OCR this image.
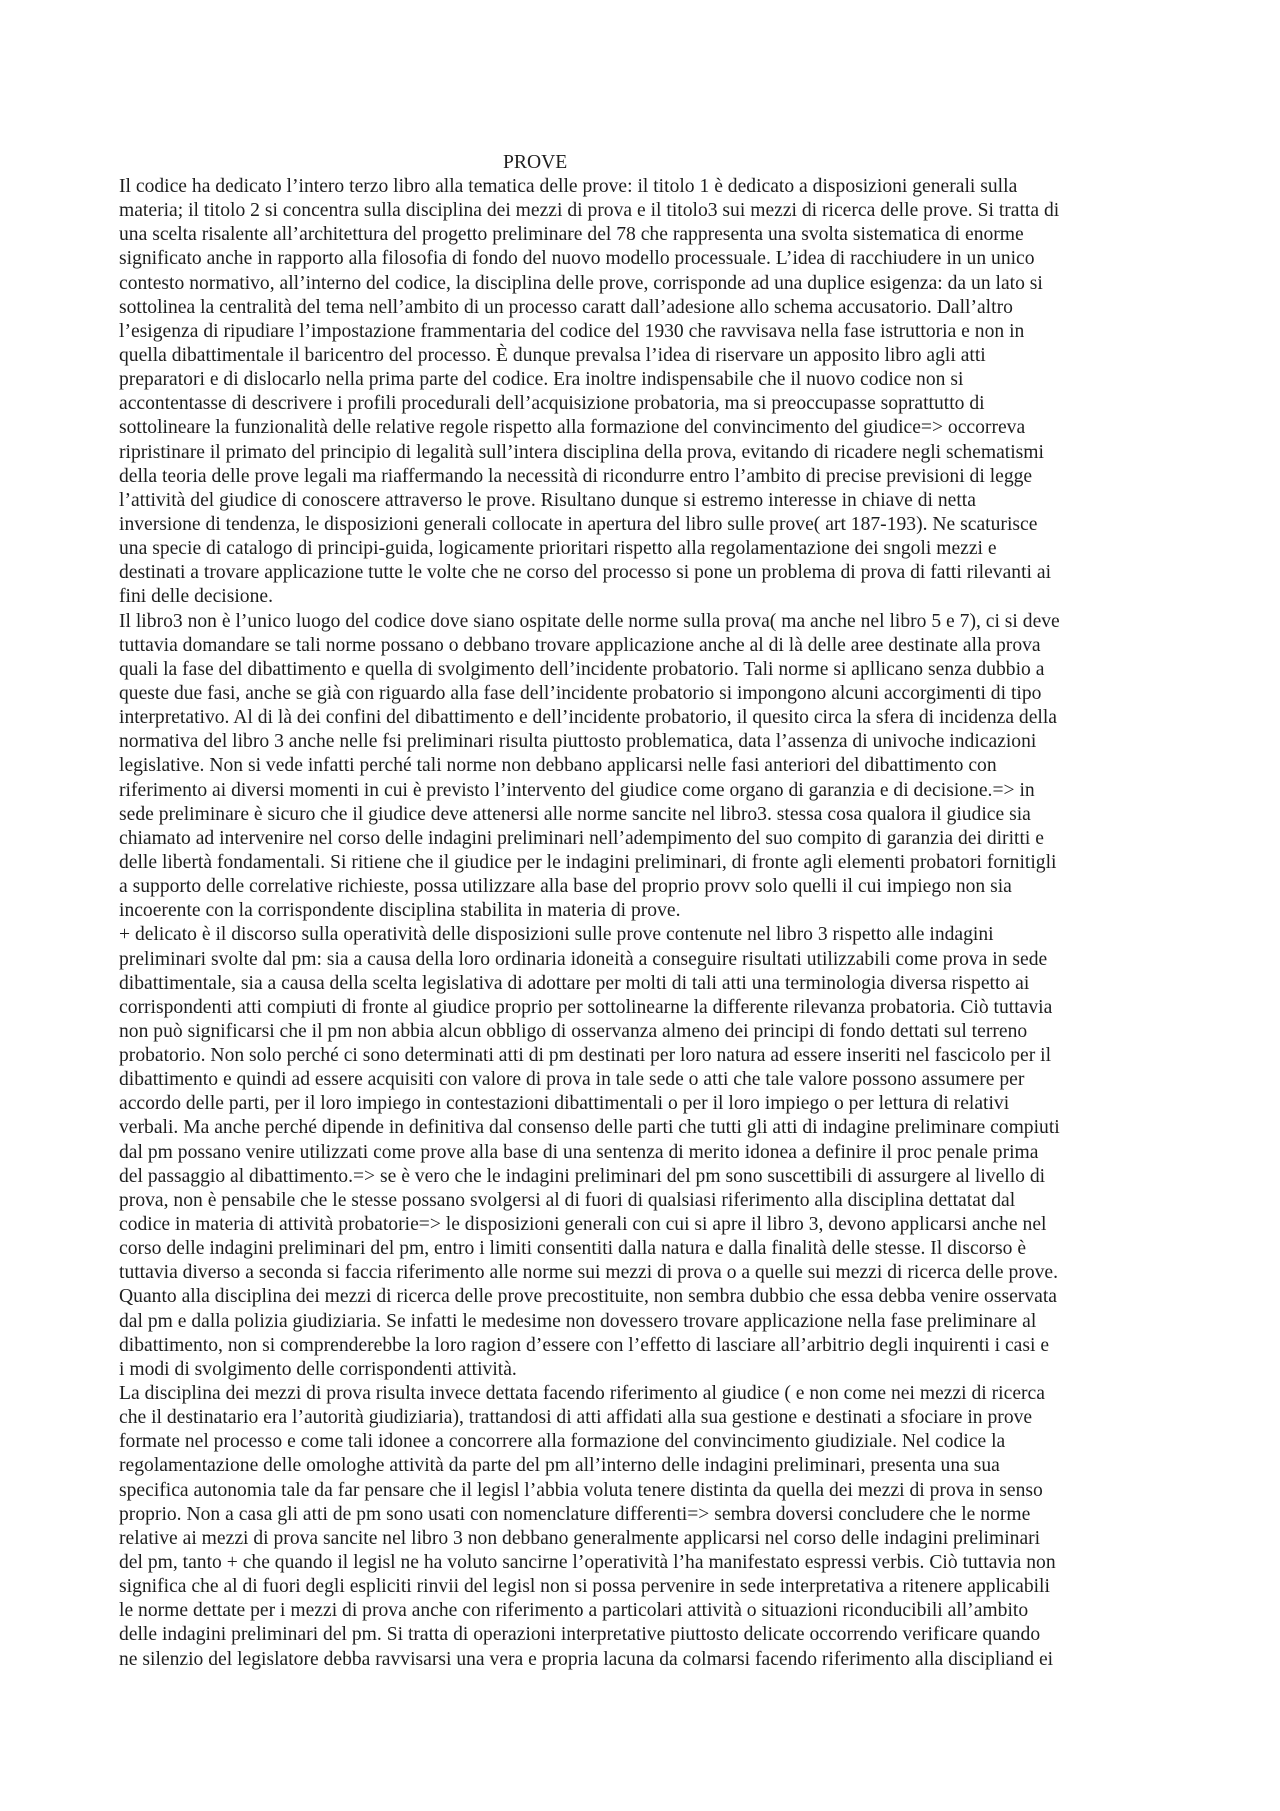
PROVE
Il codice ha dedicato l’intero terzo libro alla tematica delle prove: il titolo 1 è dedicato a disposizioni generali sulla
materia; il titolo 2 si concentra sulla disciplina dei mezzi di prova e il titolo3 sui mezzi di ricerca delle prove. Si tratta di
una scelta risalente all’architettura del progetto preliminare del 78 che rappresenta una svolta sistematica di enorme
significato anche in rapporto alla filosofia di fondo del nuovo modello processuale. L’idea di racchiudere in un unico
contesto normativo, all’interno del codice, la disciplina delle prove, corrisponde ad una duplice esigenza: da un lato si
sottolinea la centralità del tema nell’ambito di un processo caratt dall’adesione allo schema accusatorio. Dall’altro
l’esigenza di ripudiare l’impostazione frammentaria del codice del 1930 che ravvisava nella fase istruttoria e non in
quella dibattimentale il baricentro del processo. È dunque prevalsa l’idea di riservare un apposito libro agli atti
preparatori e di dislocarlo nella prima parte del codice. Era inoltre indispensabile che il nuovo codice non si
accontentasse di descrivere i profili procedurali dell’acquisizione probatoria, ma si preoccupasse soprattutto di
sottolineare la funzionalità delle relative regole rispetto alla formazione del convincimento del giudice=> occorreva
ripristinare il primato del principio di legalità sull’intera disciplina della prova, evitando di ricadere negli schematismi
della teoria delle prove legali ma riaffermando la necessità di ricondurre entro l’ambito di precise previsioni di legge
l’attività del giudice di conoscere attraverso le prove. Risultano dunque si estremo interesse in chiave di netta
inversione di tendenza, le disposizioni generali collocate in apertura del libro sulle prove( art 187-193). Ne scaturisce
una specie di catalogo di principi-guida, logicamente prioritari rispetto alla regolamentazione dei sngoli mezzi e
destinati a trovare applicazione tutte le volte che ne corso del processo si pone un problema di prova di fatti rilevanti ai
fini delle decisione.
Il libro3 non è l’unico luogo del codice dove siano ospitate delle norme sulla prova( ma anche nel libro 5 e 7), ci si deve
tuttavia domandare se tali norme possano o debbano trovare applicazione anche al di là delle aree destinate alla prova
quali la fase del dibattimento e quella di svolgimento dell’incidente probatorio. Tali norme si apllicano senza dubbio a
queste due fasi, anche se già con riguardo alla fase dell’incidente probatorio si impongono alcuni accorgimenti di tipo
interpretativo. Al di là dei confini del dibattimento e dell’incidente probatorio, il quesito circa la sfera di incidenza della
normativa del libro 3 anche nelle fsi preliminari risulta piuttosto problematica, data l’assenza di univoche indicazioni
legislative. Non si vede infatti perché tali norme non debbano applicarsi nelle fasi anteriori del dibattimento con
riferimento ai diversi momenti in cui è previsto l’intervento del giudice come organo di garanzia e di decisione.=> in
sede preliminare è sicuro che il giudice deve attenersi alle norme sancite nel libro3. stessa cosa qualora il giudice sia
chiamato ad intervenire nel corso delle indagini preliminari nell’adempimento del suo compito di garanzia dei diritti e
delle libertà fondamentali. Si ritiene che il giudice per le indagini preliminari, di fronte agli elementi probatori fornitigli
a supporto delle correlative richieste, possa utilizzare alla base del proprio provv solo quelli il cui impiego non sia
incoerente con la corrispondente disciplina stabilita in materia di prove.
+ delicato è il discorso sulla operatività delle disposizioni sulle prove contenute nel libro 3 rispetto alle indagini
preliminari svolte dal pm: sia a causa della loro ordinaria idoneità a conseguire risultati utilizzabili come prova in sede
dibattimentale, sia a causa della scelta legislativa di adottare per molti di tali atti una terminologia diversa rispetto ai
corrispondenti atti compiuti di fronte al giudice proprio per sottolinearne la differente rilevanza probatoria. Ciò tuttavia
non può significarsi che il pm non abbia alcun obbligo di osservanza almeno dei principi di fondo dettati sul terreno
probatorio. Non solo perché ci sono determinati atti di pm destinati per loro natura ad essere inseriti nel fascicolo per il
dibattimento e quindi ad essere acquisiti con valore di prova in tale sede o atti che tale valore possono assumere per
accordo delle parti, per il loro impiego in contestazioni dibattimentali o per il loro impiego o per lettura di relativi
verbali. Ma anche perché dipende in definitiva dal consenso delle parti che tutti gli atti di indagine preliminare compiuti
dal pm possano venire utilizzati come prove alla base di una sentenza di merito idonea a definire il proc penale prima
del passaggio al dibattimento.=> se è vero che le indagini preliminari del pm sono suscettibili di assurgere al livello di
prova, non è pensabile che le stesse possano svolgersi al di fuori di qualsiasi riferimento alla disciplina dettatat dal
codice in materia di attività probatorie=> le disposizioni generali con cui si apre il libro 3, devono applicarsi anche nel
corso delle indagini preliminari del pm, entro i limiti consentiti dalla natura e dalla finalità delle stesse. Il discorso è
tuttavia diverso a seconda si faccia riferimento alle norme sui mezzi di prova o a quelle sui mezzi di ricerca delle prove.
Quanto alla disciplina dei mezzi di ricerca delle prove precostituite, non sembra dubbio che essa debba venire osservata
dal pm e dalla polizia giudiziaria. Se infatti le medesime non dovessero trovare applicazione nella fase preliminare al
dibattimento, non si comprenderebbe la loro ragion d’essere con l’effetto di lasciare all’arbitrio degli inquirenti i casi e
i modi di svolgimento delle corrispondenti attività.
La disciplina dei mezzi di prova risulta invece dettata facendo riferimento al giudice ( e non come nei mezzi di ricerca
che il destinatario era l’autorità giudiziaria), trattandosi di atti affidati alla sua gestione e destinati a sfociare in prove
formate nel processo e come tali idonee a concorrere alla formazione del convincimento giudiziale. Nel codice la
regolamentazione delle omologhe attività da parte del pm all’interno delle indagini preliminari, presenta una sua
specifica autonomia tale da far pensare che il legisl l’abbia voluta tenere distinta da quella dei mezzi di prova in senso
proprio. Non a casa gli atti de pm sono usati con nomenclature differenti=> sembra doversi concludere che le norme
relative ai mezzi di prova sancite nel libro 3 non debbano generalmente applicarsi nel corso delle indagini preliminari
del pm, tanto + che quando il legisl ne ha voluto sancirne l’operatività l’ha manifestato espressi verbis. Ciò tuttavia non
significa che al di fuori degli espliciti rinvii del legisl non si possa pervenire in sede interpretativa a ritenere applicabili
le norme dettate per i mezzi di prova anche con riferimento a particolari attività o situazioni riconducibili all’ambito
delle indagini preliminari del pm. Si tratta di operazioni interpretative piuttosto delicate occorrendo verificare quando
ne silenzio del legislatore debba ravvisarsi una vera e propria lacuna da colmarsi facendo riferimento alla discipliand ei
